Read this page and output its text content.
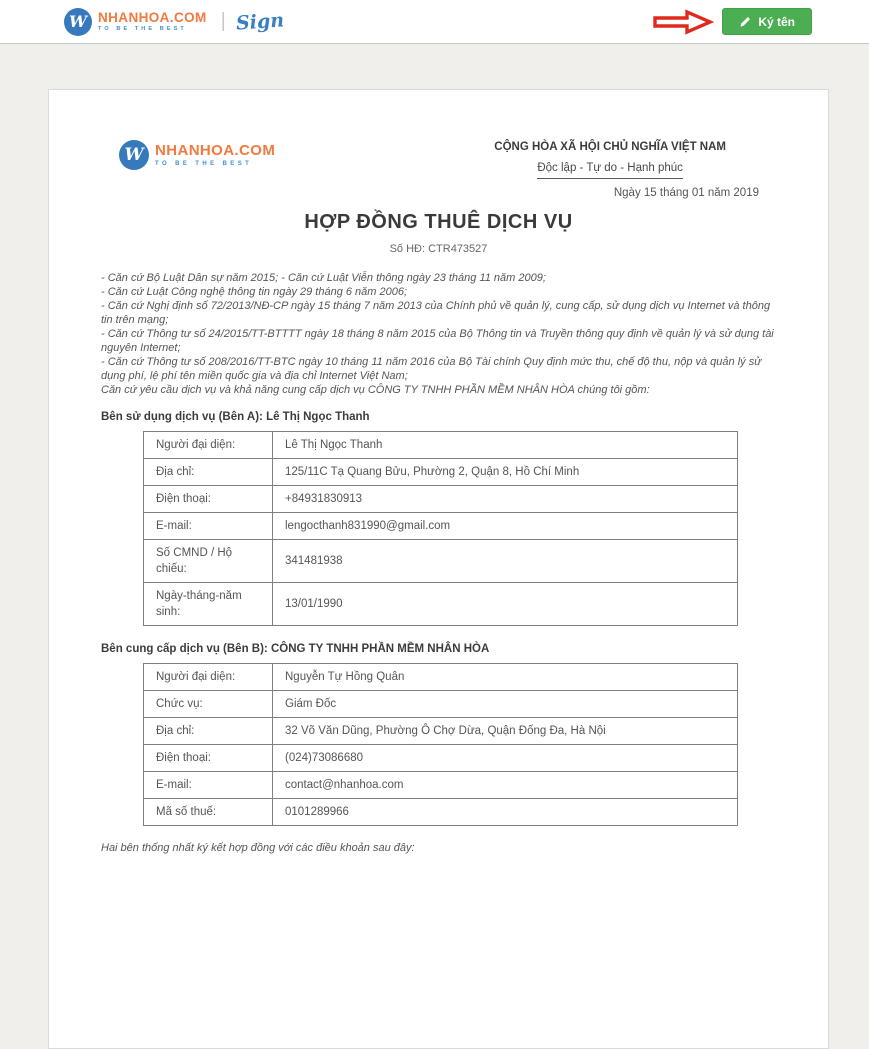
W NHANHOA.COM
TO BE THE BEST	| Sign	Ký tên
W NHANHOA.COM
TO BE THE BEST
CỘNG HÒA XÃ HỘI CHỦ NGHĨA VIỆT NAM
Độc lập - Tự do - Hạnh phúc
Ngày 15 tháng 01 năm 2019
HỢP ĐỒNG THUÊ DỊCH VỤ
Số HĐ: CTR473527

- Căn cứ Bộ Luật Dân sự năm 2015; - Căn cứ Luật Viễn thông ngày 23 tháng 11 năm 2009;

- Căn cứ Luật Công nghệ thông tin ngày 29 tháng 6 năm 2006;

- Căn cứ Nghị định số 72/2013/NĐ-CP ngày 15 tháng 7 năm 2013 của Chính phủ về quản lý, cung cấp, sử dụng dịch vụ Internet và thông tin trên mạng;

- Căn cứ Thông tư số 24/2015/TT-BTTTT ngày 18 tháng 8 năm 2015 của Bộ Thông tin và Truyền thông quy định về quản lý và sử dụng tài nguyên Internet;

- Căn cứ Thông tư số 208/2016/TT-BTC ngày 10 tháng 11 năm 2016 của Bộ Tài chính Quy định mức thu, chế độ thu, nộp và quản lý sử dụng phí, lệ phí tên miền quốc gia và địa chỉ Internet Việt Nam;

Căn cứ yêu cầu dịch vụ và khả năng cung cấp dịch vụ CÔNG TY TNHH PHẦN MỀM NHÂN HÒA chúng tôi gồm:

Bên sử dụng dịch vụ (Bên A): Lê Thị Ngọc Thanh
Người đại diện:	Lê Thị Ngọc Thanh
Địa chỉ:	125/11C Tạ Quang Bửu, Phường 2, Quận 8, Hồ Chí Minh
Điện thoại:	+84931830913
E-mail:	lengocthanh831990@gmail.com
Số CMND / Hộ chiếu:	341481938
Ngày-tháng-năm sinh:	13/01/1990
Bên cung cấp dịch vụ (Bên B): CÔNG TY TNHH PHẦN MỀM NHÂN HÒA
Người đại diện:	Nguyễn Tự Hồng Quân
Chức vụ:	Giám Đốc
Địa chỉ:	32 Võ Văn Dũng, Phường Ô Chợ Dừa, Quận Đống Đa, Hà Nội
Điện thoại:	(024)73086680
E-mail:	contact@nhanhoa.com
Mã số thuế:	0101289966
Hai bên thống nhất ký kết hợp đồng với các điều khoản sau đây:
